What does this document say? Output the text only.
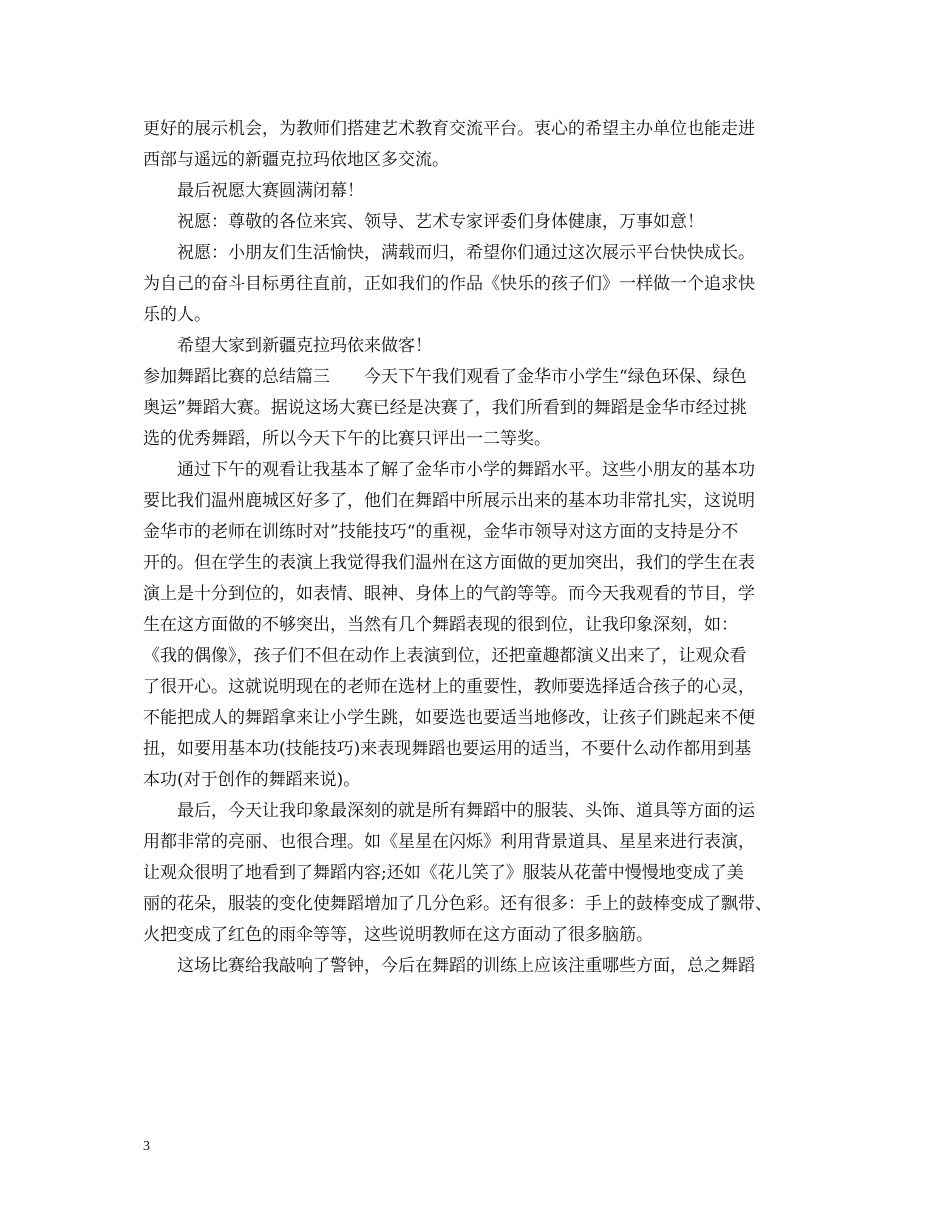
更好的展示机会，为教师们搭建艺术教育交流平台。衷心的希望主办单位也能走进
西部与遥远的新疆克拉玛依地区多交流。
最后祝愿大赛圆满闭幕！
祝愿：尊敬的各位来宾、领导、艺术专家评委们身体健康，万事如意！
祝愿：小朋友们生活愉快，满载而归，希望你们通过这次展示平台快快成长。
为自己的奋斗目标勇往直前，正如我们的作品《快乐的孩子们》一样做一个追求快
乐的人。
希望大家到新疆克拉玛依来做客！
参加舞蹈比赛的总结篇三　　今天下午我们观看了金华市小学生“绿色环保、绿色
奥运”舞蹈大赛。据说这场大赛已经是决赛了，我们所看到的舞蹈是金华市经过挑
选的优秀舞蹈，所以今天下午的比赛只评出一二等奖。
通过下午的观看让我基本了解了金华市小学的舞蹈水平。这些小朋友的基本功
要比我们温州鹿城区好多了，他们在舞蹈中所展示出来的基本功非常扎实，这说明
金华市的老师在训练时对”技能技巧“的重视，金华市领导对这方面的支持是分不
开的。但在学生的表演上我觉得我们温州在这方面做的更加突出，我们的学生在表
演上是十分到位的，如表情、眼神、身体上的气韵等等。而今天我观看的节目，学
生在这方面做的不够突出，当然有几个舞蹈表现的很到位，让我印象深刻，如：
《我的偶像》，孩子们不但在动作上表演到位，还把童趣都演义出来了，让观众看
了很开心。这就说明现在的老师在选材上的重要性，教师要选择适合孩子的心灵，
不能把成人的舞蹈拿来让小学生跳，如要选也要适当地修改，让孩子们跳起来不便
扭，如要用基本功(技能技巧)来表现舞蹈也要运用的适当，不要什么动作都用到基
本功(对于创作的舞蹈来说)。
最后，今天让我印象最深刻的就是所有舞蹈中的服装、头饰、道具等方面的运
用都非常的亮丽、也很合理。如《星星在闪烁》利用背景道具、星星来进行表演，
让观众很明了地看到了舞蹈内容;还如《花儿笑了》服装从花蕾中慢慢地变成了美
丽的花朵，服装的变化使舞蹈增加了几分色彩。还有很多：手上的鼓棒变成了飘带、
火把变成了红色的雨伞等等，这些说明教师在这方面动了很多脑筋。
这场比赛给我敲响了警钟，今后在舞蹈的训练上应该注重哪些方面，总之舞蹈
3
